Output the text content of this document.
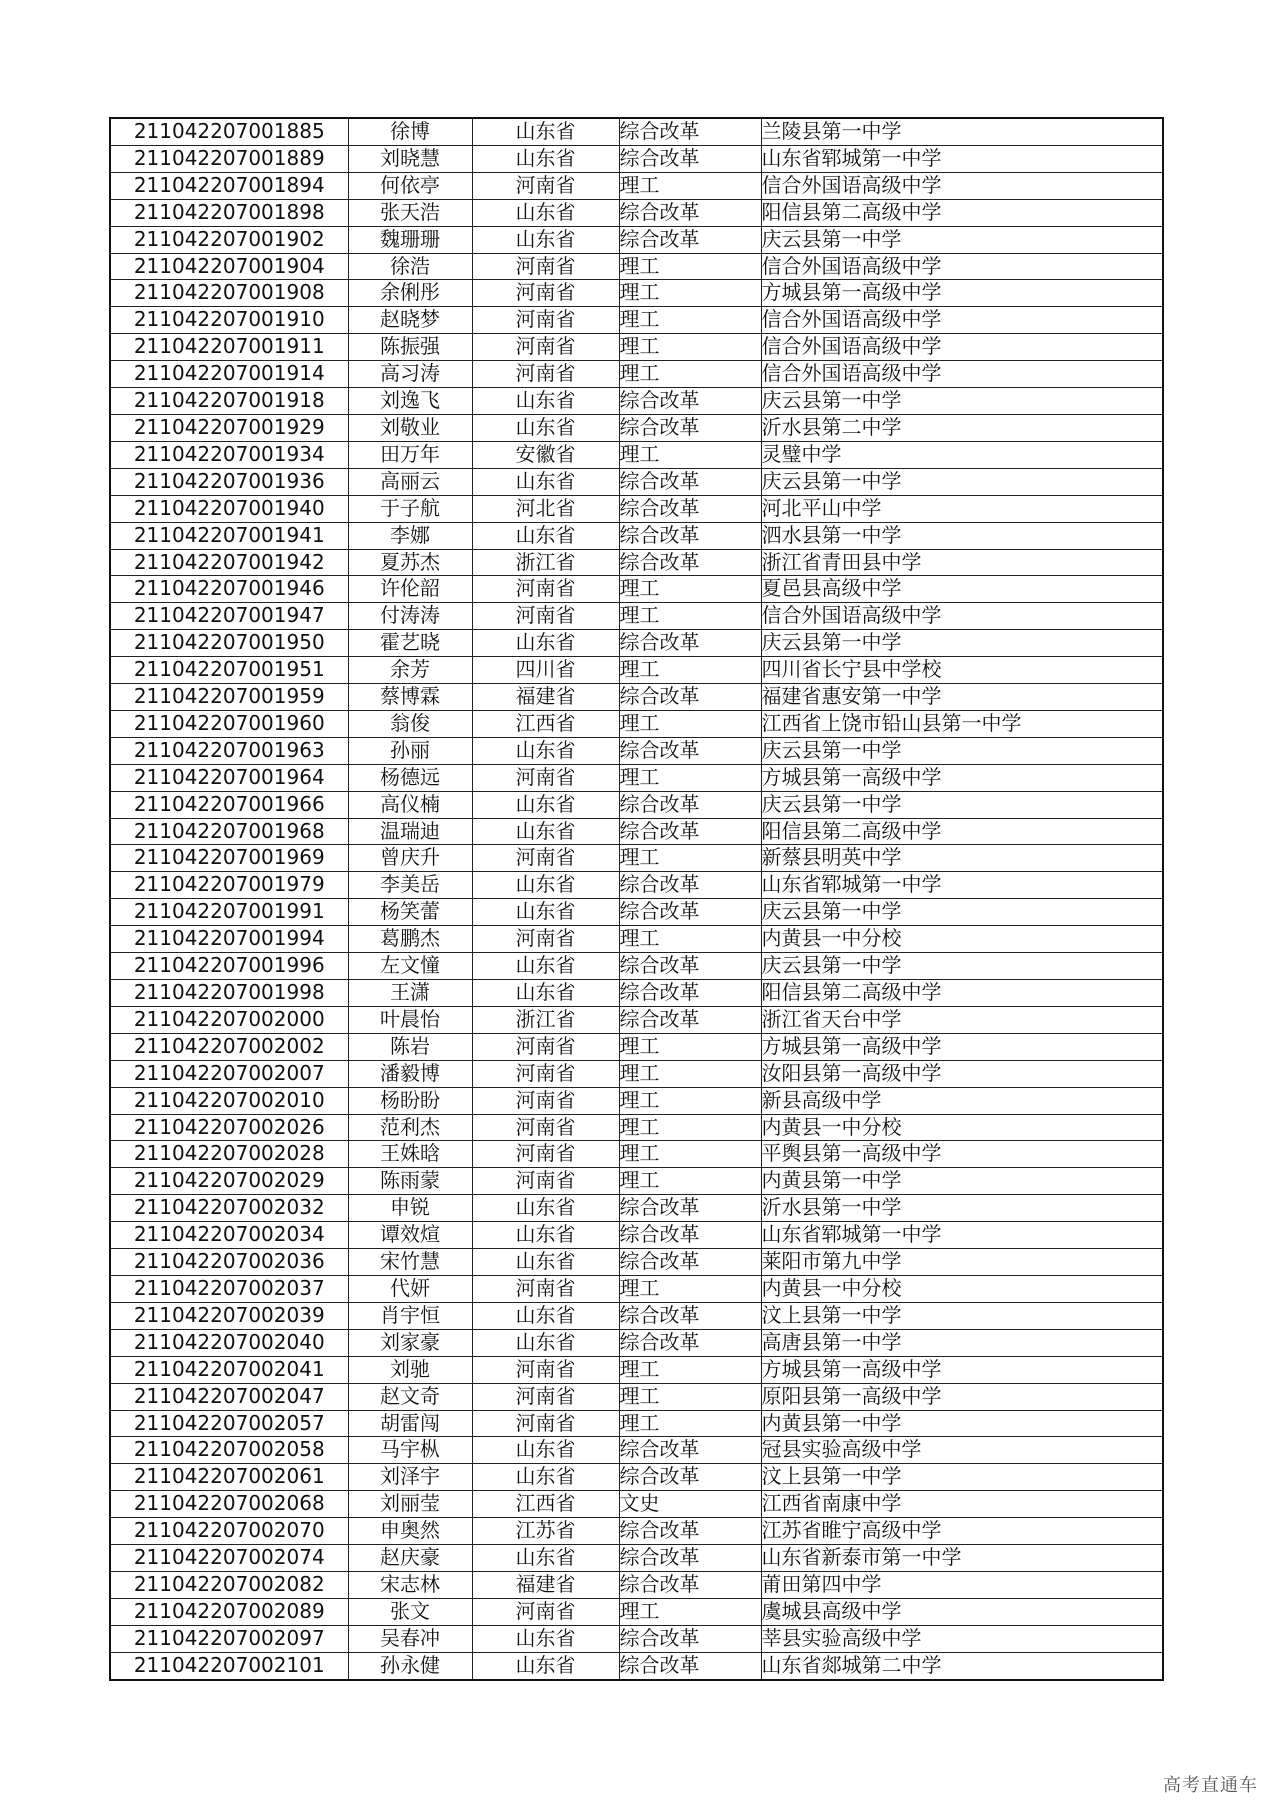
211042207001885	徐博	山东省	综合改革	兰陵县第一中学
211042207001889	刘晓慧	山东省	综合改革	山东省郓城第一中学
211042207001894	何依亭	河南省	理工	信合外国语高级中学
211042207001898	张天浩	山东省	综合改革	阳信县第二高级中学
211042207001902	魏珊珊	山东省	综合改革	庆云县第一中学
211042207001904	徐浩	河南省	理工	信合外国语高级中学
211042207001908	余俐彤	河南省	理工	方城县第一高级中学
211042207001910	赵晓梦	河南省	理工	信合外国语高级中学
211042207001911	陈振强	河南省	理工	信合外国语高级中学
211042207001914	高习涛	河南省	理工	信合外国语高级中学
211042207001918	刘逸飞	山东省	综合改革	庆云县第一中学
211042207001929	刘敬业	山东省	综合改革	沂水县第二中学
211042207001934	田万年	安徽省	理工	灵璧中学
211042207001936	高丽云	山东省	综合改革	庆云县第一中学
211042207001940	于子航	河北省	综合改革	河北平山中学
211042207001941	李娜	山东省	综合改革	泗水县第一中学
211042207001942	夏苏杰	浙江省	综合改革	浙江省青田县中学
211042207001946	许伦韶	河南省	理工	夏邑县高级中学
211042207001947	付涛涛	河南省	理工	信合外国语高级中学
211042207001950	霍艺晓	山东省	综合改革	庆云县第一中学
211042207001951	余芳	四川省	理工	四川省长宁县中学校
211042207001959	蔡博霖	福建省	综合改革	福建省惠安第一中学
211042207001960	翁俊	江西省	理工	江西省上饶市铅山县第一中学
211042207001963	孙丽	山东省	综合改革	庆云县第一中学
211042207001964	杨德远	河南省	理工	方城县第一高级中学
211042207001966	高仪楠	山东省	综合改革	庆云县第一中学
211042207001968	温瑞迪	山东省	综合改革	阳信县第二高级中学
211042207001969	曾庆升	河南省	理工	新蔡县明英中学
211042207001979	李美岳	山东省	综合改革	山东省郓城第一中学
211042207001991	杨笑蕾	山东省	综合改革	庆云县第一中学
211042207001994	葛鹏杰	河南省	理工	内黄县一中分校
211042207001996	左文憧	山东省	综合改革	庆云县第一中学
211042207001998	王潇	山东省	综合改革	阳信县第二高级中学
211042207002000	叶晨怡	浙江省	综合改革	浙江省天台中学
211042207002002	陈岩	河南省	理工	方城县第一高级中学
211042207002007	潘毅博	河南省	理工	汝阳县第一高级中学
211042207002010	杨盼盼	河南省	理工	新县高级中学
211042207002026	范利杰	河南省	理工	内黄县一中分校
211042207002028	王姝晗	河南省	理工	平舆县第一高级中学
211042207002029	陈雨蒙	河南省	理工	内黄县第一中学
211042207002032	申锐	山东省	综合改革	沂水县第一中学
211042207002034	谭效煊	山东省	综合改革	山东省郓城第一中学
211042207002036	宋竹慧	山东省	综合改革	莱阳市第九中学
211042207002037	代妍	河南省	理工	内黄县一中分校
211042207002039	肖宇恒	山东省	综合改革	汶上县第一中学
211042207002040	刘家豪	山东省	综合改革	高唐县第一中学
211042207002041	刘驰	河南省	理工	方城县第一高级中学
211042207002047	赵文奇	河南省	理工	原阳县第一高级中学
211042207002057	胡雷闯	河南省	理工	内黄县第一中学
211042207002058	马宇枞	山东省	综合改革	冠县实验高级中学
211042207002061	刘泽宇	山东省	综合改革	汶上县第一中学
211042207002068	刘丽莹	江西省	文史	江西省南康中学
211042207002070	申奥然	江苏省	综合改革	江苏省睢宁高级中学
211042207002074	赵庆豪	山东省	综合改革	山东省新泰市第一中学
211042207002082	宋志林	福建省	综合改革	莆田第四中学
211042207002089	张文	河南省	理工	虞城县高级中学
211042207002097	吴春冲	山东省	综合改革	莘县实验高级中学
211042207002101	孙永健	山东省	综合改革	山东省郯城第二中学
高考直通车
